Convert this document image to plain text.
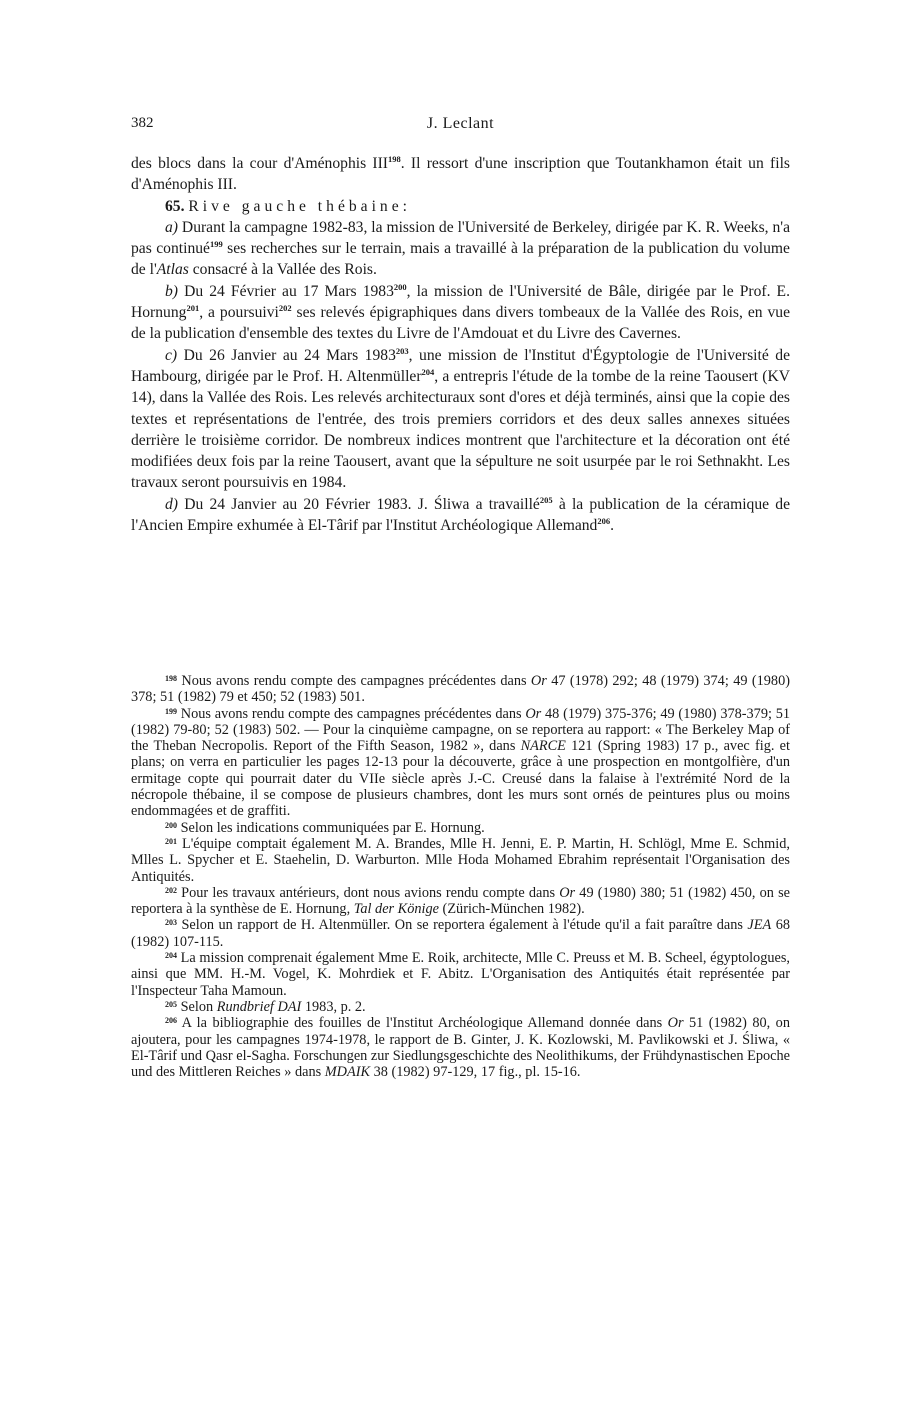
382	J. Leclant

des blocs dans la cour d'Aménophis III$^{198}$. Il ressort d'une inscription que Toutankhamon était un fils d'Aménophis III.

65. Rive gauche thébaine:

a) Durant la campagne 1982-83, la mission de l'Université de Berkeley, dirigée par K. R. Weeks, n'a pas continué$^{199}$ ses recherches sur le terrain, mais a travaillé à la préparation de la publication du volume de l'Atlas consacré à la Vallée des Rois.

b) Du 24 Février au 17 Mars 1983$^{200}$, la mission de l'Université de Bâle, dirigée par le Prof. E. Hornung$^{201}$, a poursuivi$^{202}$ ses relevés épigraphiques dans divers tombeaux de la Vallée des Rois, en vue de la publication d'ensemble des textes du Livre de l'Amdouat et du Livre des Cavernes.

c) Du 26 Janvier au 24 Mars 1983$^{203}$, une mission de l'Institut d'Égyptologie de l'Université de Hambourg, dirigée par le Prof. H. Altenmüller$^{204}$, a entrepris l'étude de la tombe de la reine Taousert (KV 14), dans la Vallée des Rois. Les relevés architecturaux sont d'ores et déjà terminés, ainsi que la copie des textes et représentations de l'entrée, des trois premiers corridors et des deux salles annexes situées derrière le troisième corridor. De nombreux indices montrent que l'architecture et la décoration ont été modifiées deux fois par la reine Taousert, avant que la sépulture ne soit usurpée par le roi Sethnakht. Les travaux seront poursuivis en 1984.

d) Du 24 Janvier au 20 Février 1983. J. Śliwa a travaillé$^{205}$ à la publication de la céramique de l'Ancien Empire exhumée à El-Târif par l'Institut Archéologique Allemand$^{206}$.

$^{198}$ Nous avons rendu compte des campagnes précédentes dans Or 47 (1978) 292; 48 (1979) 374; 49 (1980) 378; 51 (1982) 79 et 450; 52 (1983) 501.

$^{199}$ Nous avons rendu compte des campagnes précédentes dans Or 48 (1979) 375-376; 49 (1980) 378-379; 51 (1982) 79-80; 52 (1983) 502. — Pour la cinquième campagne, on se reportera au rapport: « The Berkeley Map of the Theban Necropolis. Report of the Fifth Season, 1982 », dans NARCE 121 (Spring 1983) 17 p., avec fig. et plans; on verra en particulier les pages 12-13 pour la découverte, grâce à une prospection en montgolfière, d'un ermitage copte qui pourrait dater du VIIe siècle après J.-C. Creusé dans la falaise à l'extrémité Nord de la nécropole thébaine, il se compose de plusieurs chambres, dont les murs sont ornés de peintures plus ou moins endommagées et de graffiti.

$^{200}$ Selon les indications communiquées par E. Hornung.

$^{201}$ L'équipe comptait également M. A. Brandes, Mlle H. Jenni, E. P. Martin, H. Schlögl, Mme E. Schmid, Mlles L. Spycher et E. Staehelin, D. Warburton. Mlle Hoda Mohamed Ebrahim représentait l'Organisation des Antiquités.

$^{202}$ Pour les travaux antérieurs, dont nous avions rendu compte dans Or 49 (1980) 380; 51 (1982) 450, on se reportera à la synthèse de E. Hornung, Tal der Könige (Zürich-München 1982).

$^{203}$ Selon un rapport de H. Altenmüller. On se reportera également à l'étude qu'il a fait paraître dans JEA 68 (1982) 107-115.

$^{204}$ La mission comprenait également Mme E. Roik, architecte, Mlle C. Preuss et M. B. Scheel, égyptologues, ainsi que MM. H.-M. Vogel, K. Mohrdiek et F. Abitz. L'Organisation des Antiquités était représentée par l'Inspecteur Taha Mamoun.

$^{205}$ Selon Rundbrief DAI 1983, p. 2.

$^{206}$ A la bibliographie des fouilles de l'Institut Archéologique Allemand donnée dans Or 51 (1982) 80, on ajoutera, pour les campagnes 1974-1978, le rapport de B. Ginter, J. K. Kozlowski, M. Pavlikowski et J. Śliwa, « El-Târif und Qasr el-Sagha. Forschungen zur Siedlungsgeschichte des Neolithikums, der Frühdynastischen Epoche und des Mittleren Reiches » dans MDAIK 38 (1982) 97-129, 17 fig., pl. 15-16.
